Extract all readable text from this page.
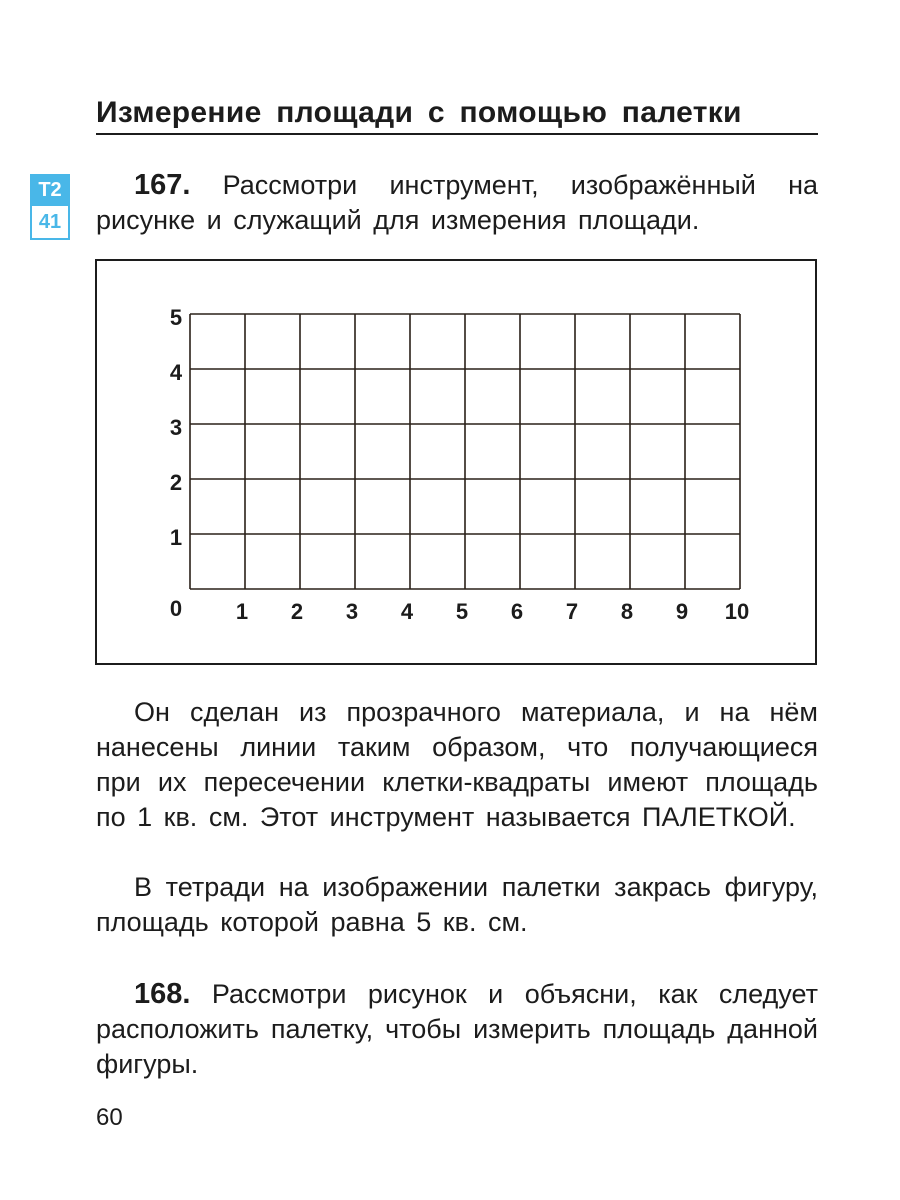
Измерение площади с помощью палетки
Т2
41
167. Рассмотри инструмент, изображённый на рисунке и служащий для измерения площади.
0 1 2 3 4 5 6 7 8 9 10
1
2
3
4
5
Он сделан из прозрачного материала, и на нём нанесены линии таким образом, что получающиеся при их пересечении клетки-квадраты имеют площадь по 1 кв. см. Этот инструмент называется ПАЛЕТКОЙ.
В тетради на изображении палетки закрась фигуру, площадь которой равна 5 кв. см.
168. Рассмотри рисунок и объясни, как следует расположить палетку, чтобы измерить площадь данной фигуры.
60
